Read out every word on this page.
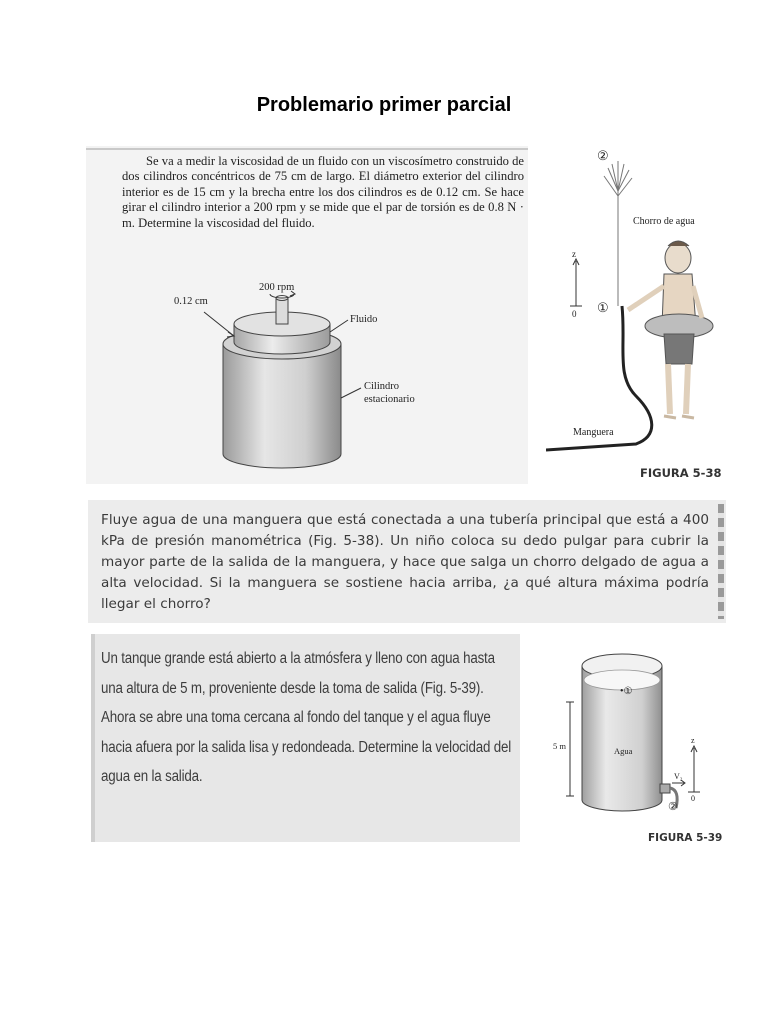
Problemario primer parcial
Se va a medir la viscosidad de un fluido con un viscosímetro construido de dos cilindros concéntricos de 75 cm de largo. El diámetro exterior del cilindro interior es de 15 cm y la brecha entre los dos cilindros es de 0.12 cm. Se hace girar el cilindro interior a 200 rpm y se mide que el par de torsión es de 0.8 N · m. Determine la viscosidad del fluido.
200 rpm
0.12 cm
Fluido
Cilindro
estacionario
②
Chorro de agua
z
①
0
Manguera
FIGURA 5-38
Fluye agua de una manguera que está conectada a una tubería principal que está a 400 kPa de presión manométrica (Fig. 5-38). Un niño coloca su dedo pulgar para cubrir la mayor parte de la salida de la manguera, y hace que salga un chorro delgado de agua a alta velocidad. Si la manguera se sostiene hacia arriba, ¿a qué altura máxima podría llegar el chorro?
Un tanque grande está abierto a la atmósfera y lleno con agua hasta una altura de 5 m, proveniente desde la toma de salida (Fig. 5-39). Ahora se abre una toma cercana al fondo del tanque y el agua fluye hacia afuera por la salida lisa y redondeada. Determine la velocidad del agua en la salida.
•①
5 m	Agua
z
V₂
0
②
FIGURA 5-39
